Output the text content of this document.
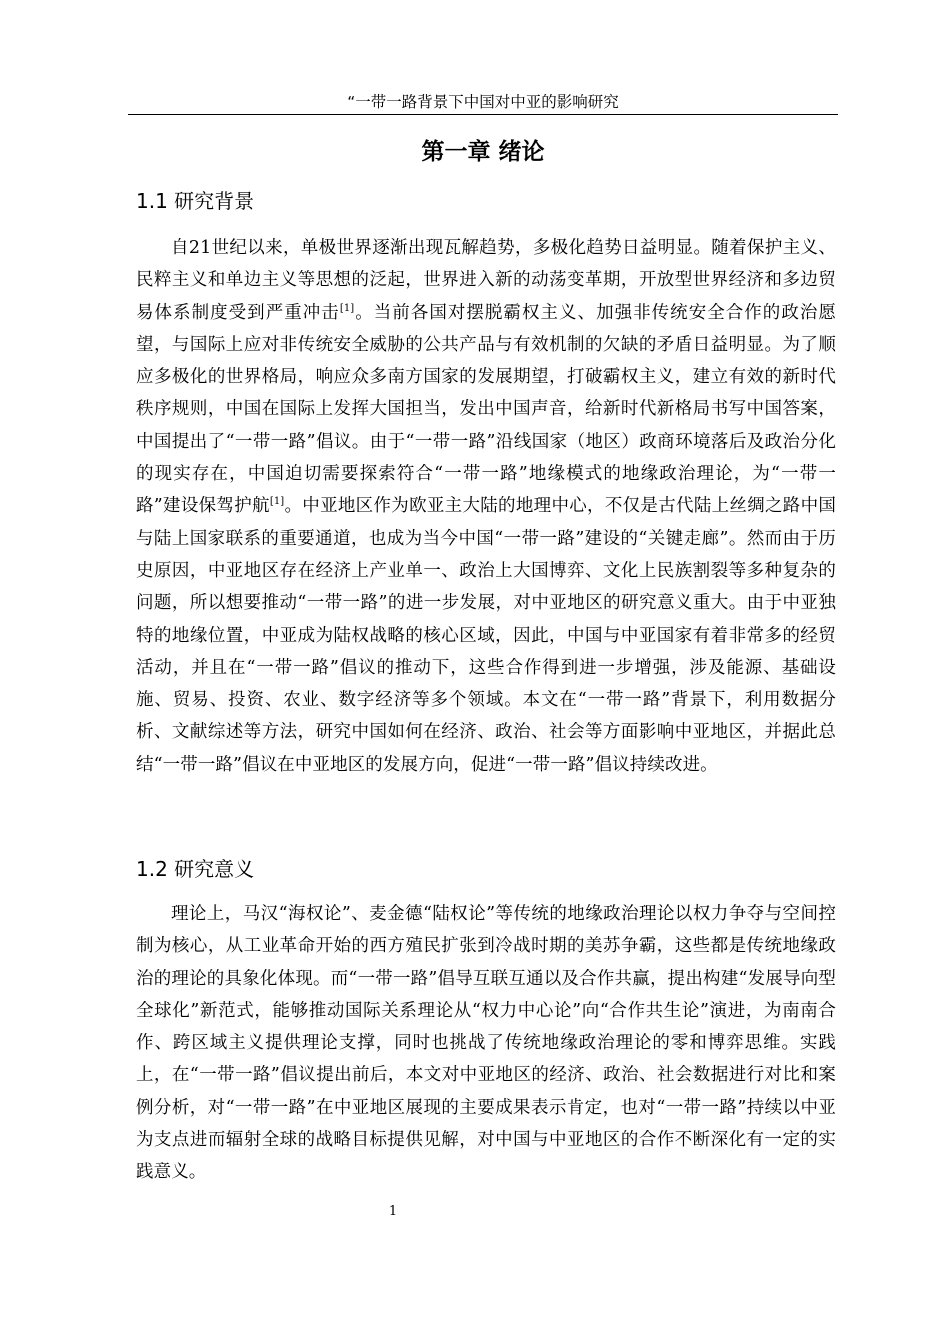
“一带一路背景下中国对中亚的影响研究
第一章 绪论
1.1 研究背景

自21世纪以来，单极世界逐渐出现瓦解趋势，多极化趋势日益明显。随着保护主义、民粹主义和单边主义等思想的泛起，世界进入新的动荡变革期，开放型世界经济和多边贸易体系制度受到严重冲击[1]。当前各国对摆脱霸权主义、加强非传统安全合作的政治愿望，与国际上应对非传统安全威胁的公共产品与有效机制的欠缺的矛盾日益明显。为了顺应多极化的世界格局，响应众多南方国家的发展期望，打破霸权主义，建立有效的新时代秩序规则，中国在国际上发挥大国担当，发出中国声音，给新时代新格局书写中国答案，中国提出了“一带一路”倡议。由于“一带一路”沿线国家（地区）政商环境落后及政治分化的现实存在，中国迫切需要探索符合“一带一路”地缘模式的地缘政治理论，为“一带一路”建设保驾护航[1]。中亚地区作为欧亚主大陆的地理中心，不仅是古代陆上丝绸之路中国与陆上国家联系的重要通道，也成为当今中国“一带一路”建设的“关键走廊”。然而由于历史原因，中亚地区存在经济上产业单一、政治上大国博弈、文化上民族割裂等多种复杂的问题，所以想要推动“一带一路”的进一步发展，对中亚地区的研究意义重大。由于中亚独特的地缘位置，中亚成为陆权战略的核心区域，因此，中国与中亚国家有着非常多的经贸活动，并且在“一带一路”倡议的推动下，这些合作得到进一步增强，涉及能源、基础设施、贸易、投资、农业、数字经济等多个领域。本文在“一带一路”背景下，利用数据分析、文献综述等方法，研究中国如何在经济、政治、社会等方面影响中亚地区，并据此总结“一带一路”倡议在中亚地区的发展方向，促进“一带一路”倡议持续改进。

1.2 研究意义

理论上，马汉“海权论”、麦金德“陆权论”等传统的地缘政治理论以权力争夺与空间控制为核心，从工业革命开始的西方殖民扩张到冷战时期的美苏争霸，这些都是传统地缘政治的理论的具象化体现。而“一带一路”倡导互联互通以及合作共赢，提出构建“发展导向型全球化”新范式，能够推动国际关系理论从“权力中心论”向“合作共生论”演进，为南南合作、跨区域主义提供理论支撑，同时也挑战了传统地缘政治理论的零和博弈思维。实践上，在“一带一路”倡议提出前后，本文对中亚地区的经济、政治、社会数据进行对比和案例分析，对“一带一路”在中亚地区展现的主要成果表示肯定，也对“一带一路”持续以中亚为支点进而辐射全球的战略目标提供见解，对中国与中亚地区的合作不断深化有一定的实践意义。

1
